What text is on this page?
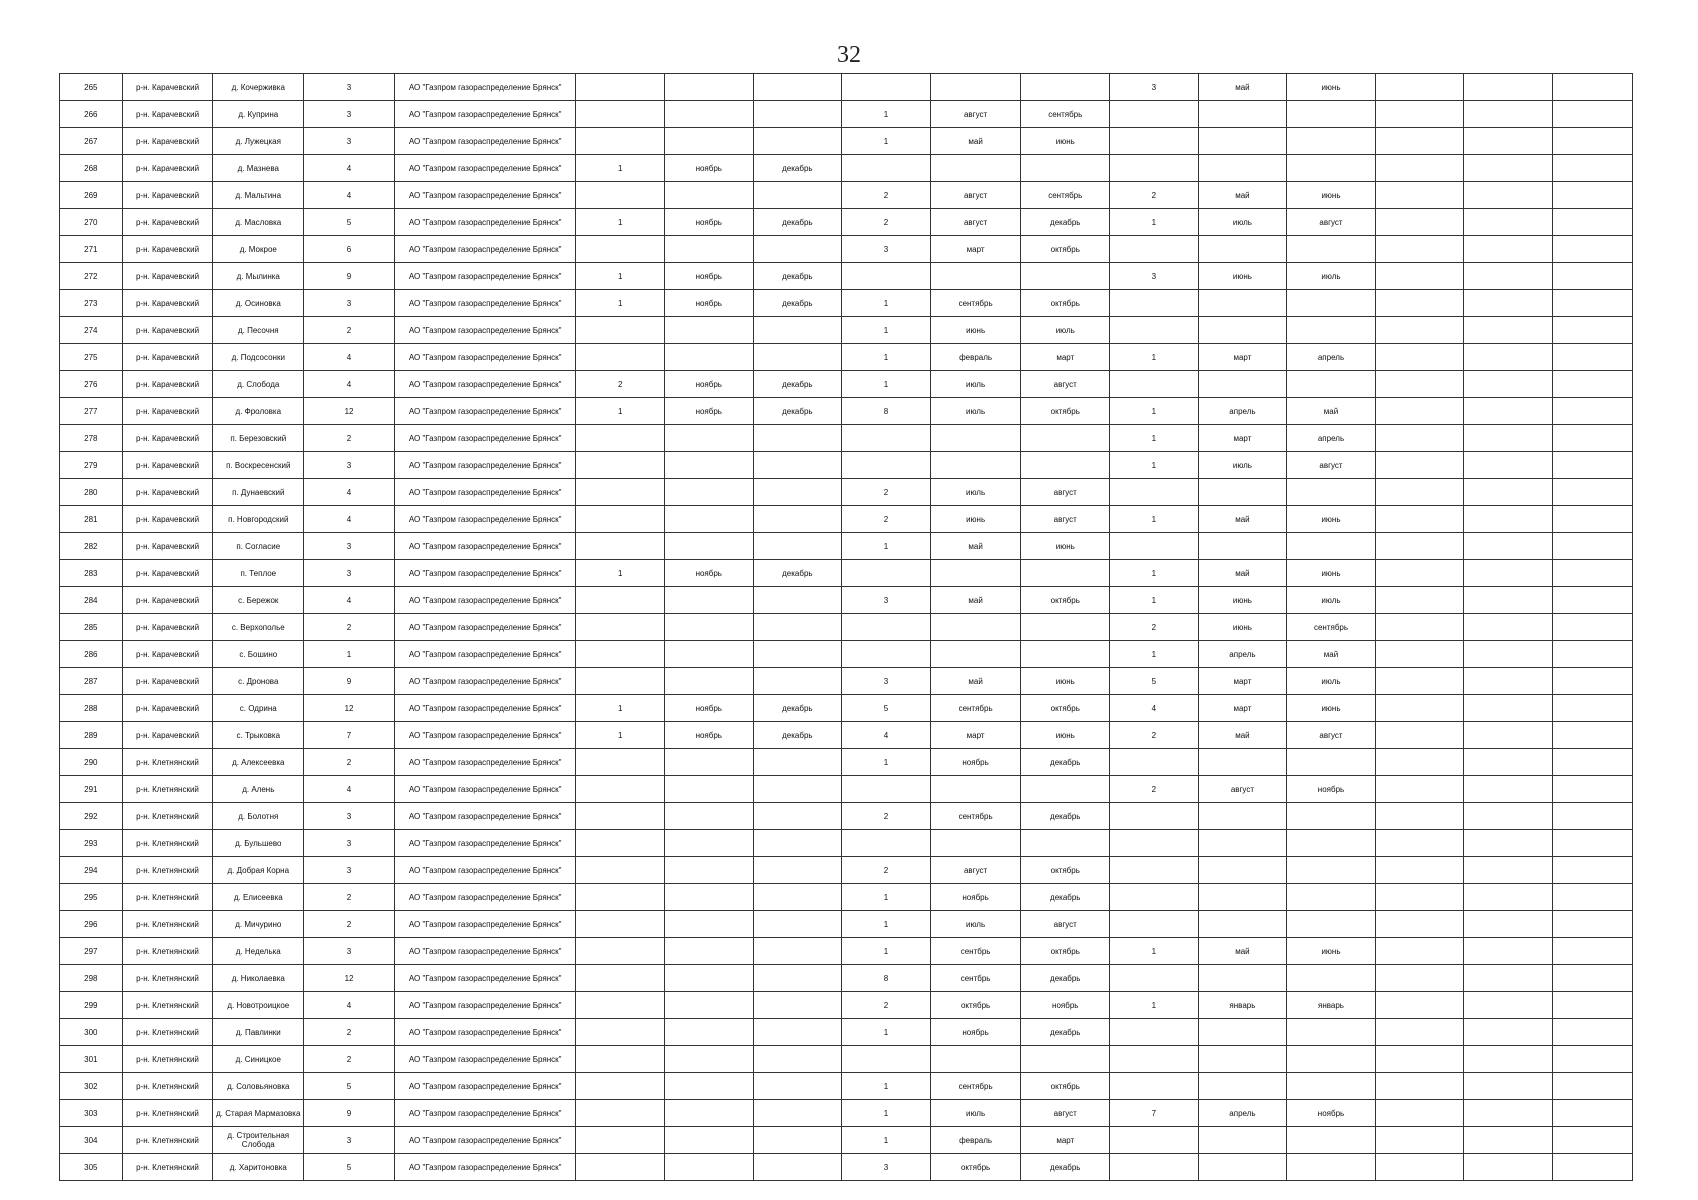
32
265	р-н. Карачевский	д. Кочерживка	3	АО "Газпром газораспределение Брянск"							3	май	июнь			
266	р-н. Карачевский	д. Куприна	3	АО "Газпром газораспределение Брянск"				1	август	сентябрь						
267	р-н. Карачевский	д. Лужецкая	3	АО "Газпром газораспределение Брянск"				1	май	июнь						
268	р-н. Карачевский	д. Мазнева	4	АО "Газпром газораспределение Брянск"	1	ноябрь	декабрь									
269	р-н. Карачевский	д. Мальтина	4	АО "Газпром газораспределение Брянск"				2	август	сентябрь	2	май	июнь			
270	р-н. Карачевский	д. Масловка	5	АО "Газпром газораспределение Брянск"	1	ноябрь	декабрь	2	август	декабрь	1	июль	август			
271	р-н. Карачевский	д. Мокрое	6	АО "Газпром газораспределение Брянск"				3	март	октябрь						
272	р-н. Карачевский	д. Мылинка	9	АО "Газпром газораспределение Брянск"	1	ноябрь	декабрь				3	июнь	июль			
273	р-н. Карачевский	д. Осиновка	3	АО "Газпром газораспределение Брянск"	1	ноябрь	декабрь	1	сентябрь	октябрь						
274	р-н. Карачевский	д. Песочня	2	АО "Газпром газораспределение Брянск"				1	июнь	июль						
275	р-н. Карачевский	д. Подсосонки	4	АО "Газпром газораспределение Брянск"				1	февраль	март	1	март	апрель			
276	р-н. Карачевский	д. Слобода	4	АО "Газпром газораспределение Брянск"	2	ноябрь	декабрь	1	июль	август						
277	р-н. Карачевский	д. Фроловка	12	АО "Газпром газораспределение Брянск"	1	ноябрь	декабрь	8	июль	октябрь	1	апрель	май			
278	р-н. Карачевский	п. Березовский	2	АО "Газпром газораспределение Брянск"							1	март	апрель			
279	р-н. Карачевский	п. Воскресенский	3	АО "Газпром газораспределение Брянск"							1	июль	август			
280	р-н. Карачевский	п. Дунаевский	4	АО "Газпром газораспределение Брянск"				2	июль	август						
281	р-н. Карачевский	п. Новгородский	4	АО "Газпром газораспределение Брянск"				2	июнь	август	1	май	июнь			
282	р-н. Карачевский	п. Согласие	3	АО "Газпром газораспределение Брянск"				1	май	июнь						
283	р-н. Карачевский	п. Теплое	3	АО "Газпром газораспределение Брянск"	1	ноябрь	декабрь				1	май	июнь			
284	р-н. Карачевский	с. Бережок	4	АО "Газпром газораспределение Брянск"				3	май	октябрь	1	июнь	июль			
285	р-н. Карачевский	с. Верхополье	2	АО "Газпром газораспределение Брянск"							2	июнь	сентябрь			
286	р-н. Карачевский	с. Бошино	1	АО "Газпром газораспределение Брянск"							1	апрель	май			
287	р-н. Карачевский	с. Дронова	9	АО "Газпром газораспределение Брянск"				3	май	июнь	5	март	июль			
288	р-н. Карачевский	с. Одрина	12	АО "Газпром газораспределение Брянск"	1	ноябрь	декабрь	5	сентябрь	октябрь	4	март	июнь			
289	р-н. Карачевский	с. Трыковка	7	АО "Газпром газораспределение Брянск"	1	ноябрь	декабрь	4	март	июнь	2	май	август			
290	р-н. Клетнянский	д. Алексеевка	2	АО "Газпром газораспределение Брянск"				1	ноябрь	декабрь						
291	р-н. Клетнянский	д. Алень	4	АО "Газпром газораспределение Брянск"							2	август	ноябрь			
292	р-н. Клетнянский	д. Болотня	3	АО "Газпром газораспределение Брянск"				2	сентябрь	декабрь						
293	р-н. Клетнянский	д. Бульшево	3	АО "Газпром газораспределение Брянск"												
294	р-н. Клетнянский	д. Добрая Корна	3	АО "Газпром газораспределение Брянск"				2	август	октябрь						
295	р-н. Клетнянский	д. Елисеевка	2	АО "Газпром газораспределение Брянск"				1	ноябрь	декабрь						
296	р-н. Клетнянский	д. Мичурино	2	АО "Газпром газораспределение Брянск"				1	июль	август						
297	р-н. Клетнянский	д. Неделька	3	АО "Газпром газораспределение Брянск"				1	сентбрь	октябрь	1	май	июнь			
298	р-н. Клетнянский	д. Николаевка	12	АО "Газпром газораспределение Брянск"				8	сентбрь	декабрь						
299	р-н. Клетнянский	д. Новотроицкое	4	АО "Газпром газораспределение Брянск"				2	октябрь	ноябрь	1	январь	январь			
300	р-н. Клетнянский	д. Павлинки	2	АО "Газпром газораспределение Брянск"				1	ноябрь	декабрь						
301	р-н. Клетнянский	д. Синицкое	2	АО "Газпром газораспределение Брянск"												
302	р-н. Клетнянский	д. Соловьяновка	5	АО "Газпром газораспределение Брянск"				1	сентябрь	октябрь						
303	р-н. Клетнянский	д. Старая Мармазовка	9	АО "Газпром газораспределение Брянск"				1	июль	август	7	апрель	ноябрь			
304	р-н. Клетнянский	д. Строительная Слобода	3	АО "Газпром газораспределение Брянск"				1	февраль	март						
305	р-н. Клетнянский	д. Харитоновка	5	АО "Газпром газораспределение Брянск"				3	октябрь	декабрь						
